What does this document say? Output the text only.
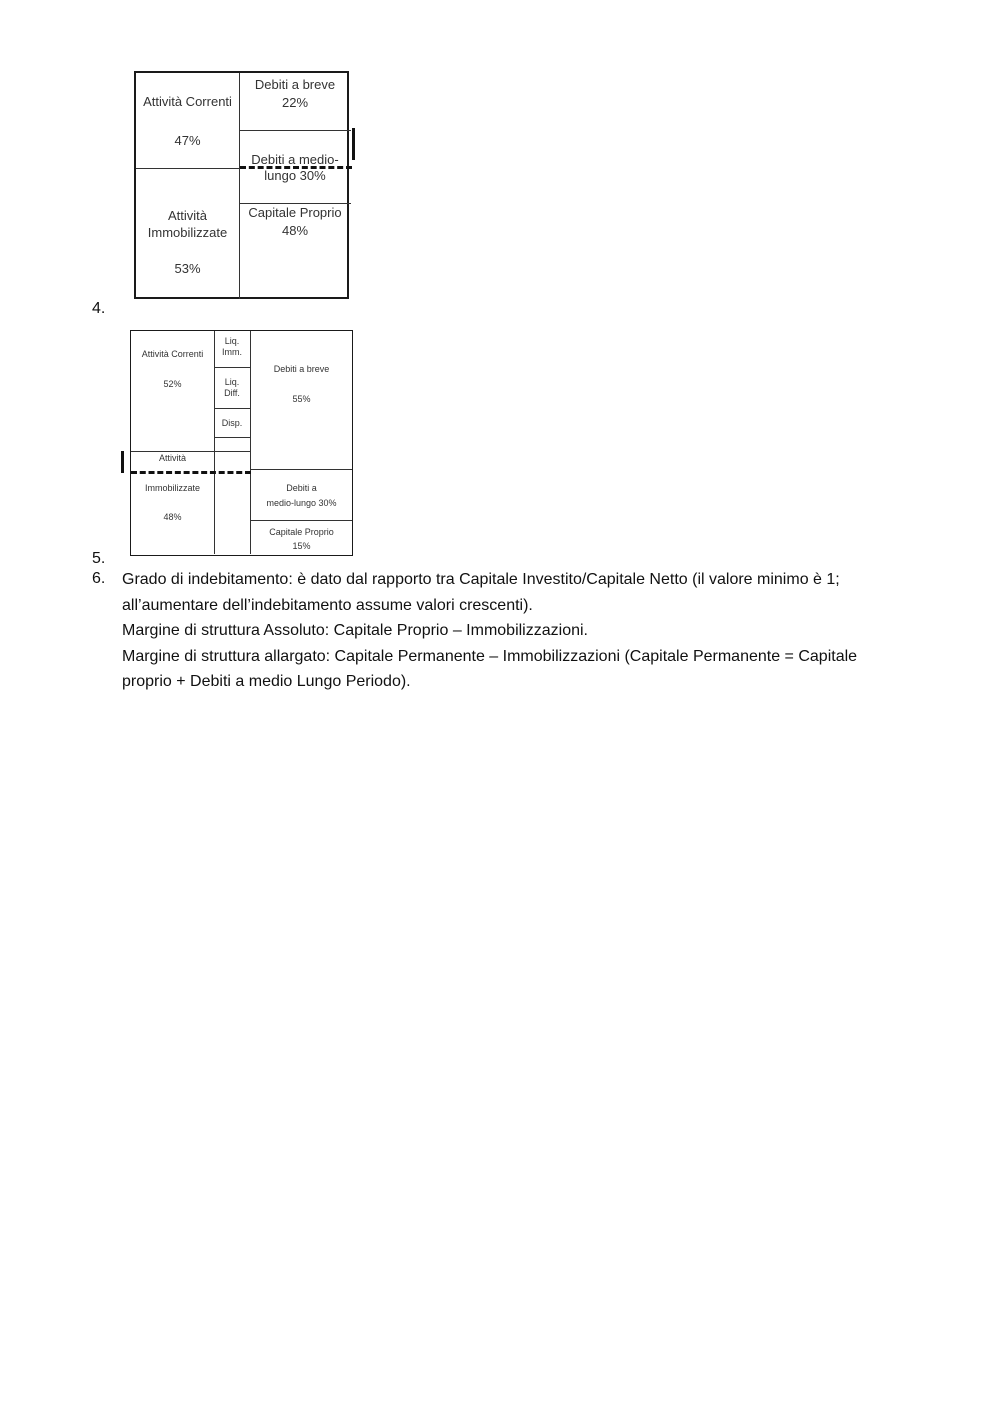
Attività Correnti
47%
Attività
Immobilizzate
53%
Debiti a breve
22%
Debiti a medio-
lungo 30%
Capitale Proprio
48%
4.
Attività Correnti
52%
Liq.
Imm.
Liq.
Diff.
Disp.
Attività
Immobilizzate
48%
Debiti a breve
55%
Debiti a
medio-lungo 30%
Capitale Proprio
15%
5.
6. Grado di indebitamento: è dato dal rapporto tra Capitale Investito/Capitale Netto (il valore minimo è 1;

all’aumentare dell’indebitamento assume valori crescenti).

Margine di struttura Assoluto: Capitale Proprio – Immobilizzazioni.

Margine di struttura allargato: Capitale Permanente – Immobilizzazioni (Capitale Permanente = Capitale

proprio + Debiti a medio Lungo Periodo).
